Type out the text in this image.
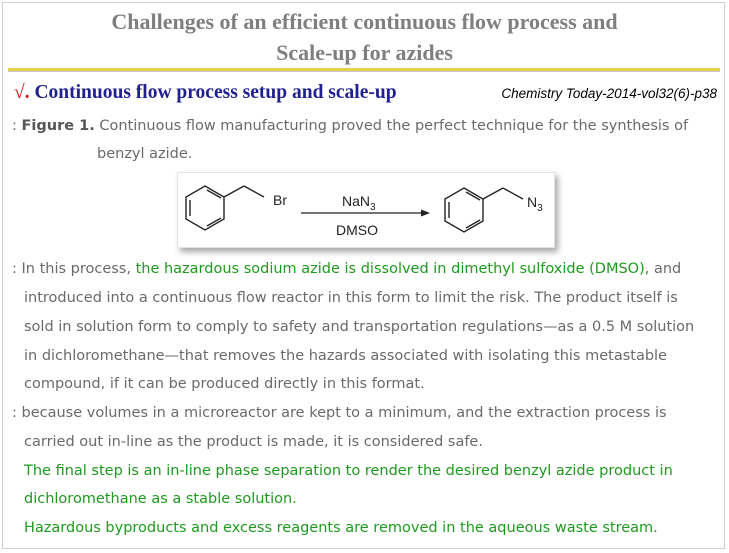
Challenges of an efficient continuous flow process and
Scale-up for azides
√. Continuous flow process setup and scale-up	Chemistry Today-2014-vol32(6)-p38
: Figure 1. Continuous flow manufacturing proved the perfect technique for the synthesis of
benzyl azide.
Br	NaN$_3$
DMSO
$N_3$
: In this process, the hazardous sodium azide is dissolved in dimethyl sulfoxide (DMSO), and
introduced into a continuous flow reactor in this form to limit the risk. The product itself is
sold in solution form to comply to safety and transportation regulations—as a 0.5 M solution
in dichloromethane—that removes the hazards associated with isolating this metastable
compound, if it can be produced directly in this format.
: because volumes in a microreactor are kept to a minimum, and the extraction process is
carried out in-line as the product is made, it is considered safe.
The final step is an in-line phase separation to render the desired benzyl azide product in
dichloromethane as a stable solution.
Hazardous byproducts and excess reagents are removed in the aqueous waste stream.
